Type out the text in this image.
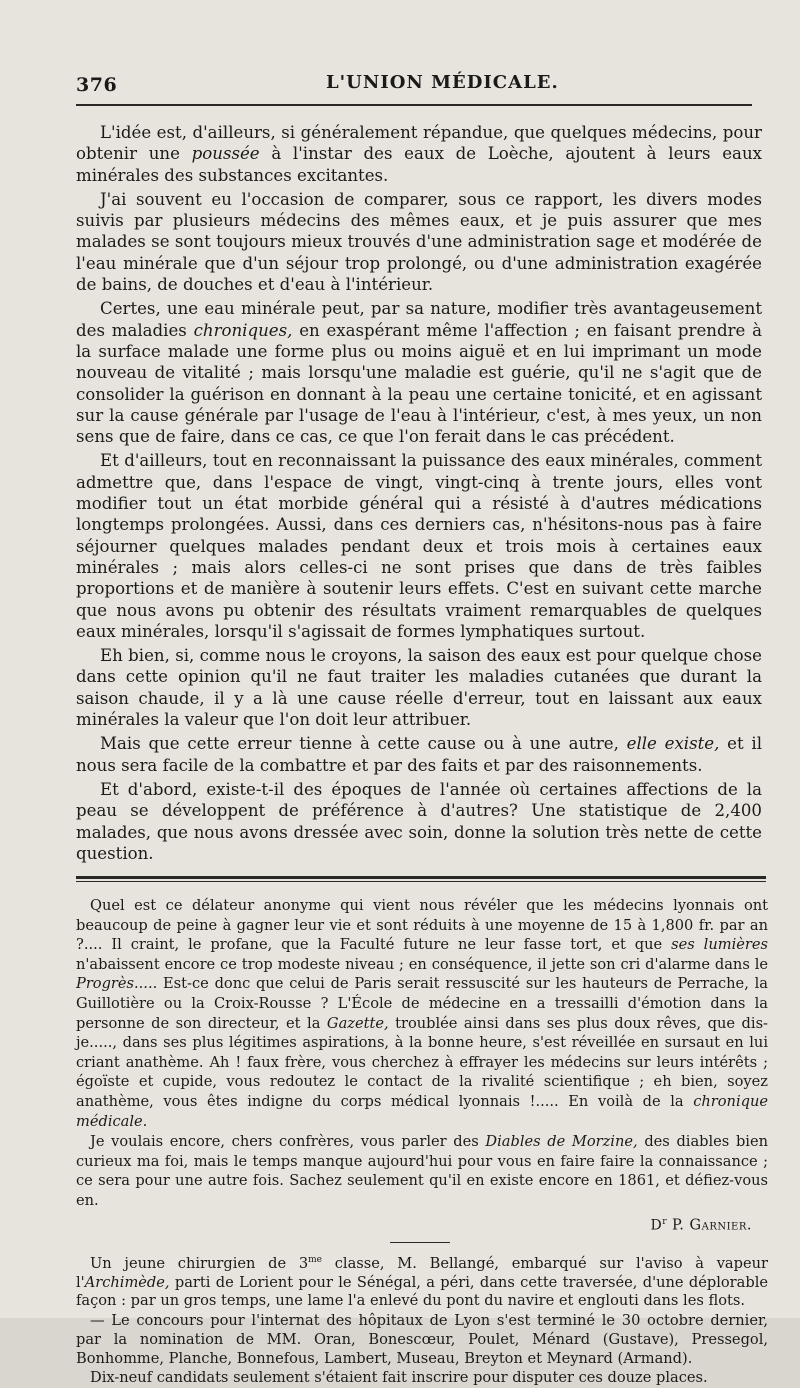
376	L'UNION MÉDICALE.

L'idée est, d'ailleurs, si généralement répandue, que quelques médecins, pour obtenir une poussée à l'instar des eaux de Loèche, ajoutent à leurs eaux minérales des substances excitantes.

J'ai souvent eu l'occasion de comparer, sous ce rapport, les divers modes suivis par plusieurs médecins des mêmes eaux, et je puis assurer que mes malades se sont toujours mieux trouvés d'une administration sage et modérée de l'eau minérale que d'un séjour trop prolongé, ou d'une administration exagérée de bains, de douches et d'eau à l'intérieur.

Certes, une eau minérale peut, par sa nature, modifier très avantageusement des maladies chroniques, en exaspérant même l'affection ; en faisant prendre à la surface malade une forme plus ou moins aiguë et en lui imprimant un mode nouveau de vitalité ; mais lorsqu'une maladie est guérie, qu'il ne s'agit que de consolider la guérison en donnant à la peau une certaine tonicité, et en agissant sur la cause générale par l'usage de l'eau à l'intérieur, c'est, à mes yeux, un non sens que de faire, dans ce cas, ce que l'on ferait dans le cas précédent.

Et d'ailleurs, tout en reconnaissant la puissance des eaux minérales, comment admettre que, dans l'espace de vingt, vingt-cinq à trente jours, elles vont modifier tout un état morbide général qui a résisté à d'autres médications longtemps prolongées. Aussi, dans ces derniers cas, n'hésitons-nous pas à faire séjourner quelques malades pendant deux et trois mois à certaines eaux minérales ; mais alors celles-ci ne sont prises que dans de très faibles proportions et de manière à soutenir leurs effets. C'est en suivant cette marche que nous avons pu obtenir des résultats vraiment remarquables de quelques eaux minérales, lorsqu'il s'agissait de formes lymphatiques surtout.

Eh bien, si, comme nous le croyons, la saison des eaux est pour quelque chose dans cette opinion qu'il ne faut traiter les maladies cutanées que durant la saison chaude, il y a là une cause réelle d'erreur, tout en laissant aux eaux minérales la valeur que l'on doit leur attribuer.

Mais que cette erreur tienne à cette cause ou à une autre, elle existe, et il nous sera facile de la combattre et par des faits et par des raisonnements.

Et d'abord, existe-t-il des époques de l'année où certaines affections de la peau se développent de préférence à d'autres? Une statistique de 2,400 malades, que nous avons dressée avec soin, donne la solution très nette de cette question.

Quel est ce délateur anonyme qui vient nous révéler que les médecins lyonnais ont beaucoup de peine à gagner leur vie et sont réduits à une moyenne de 15 à 1,800 fr. par an ?.... Il craint, le profane, que la Faculté future ne leur fasse tort, et que ses lumières n'abaissent encore ce trop modeste niveau ; en conséquence, il jette son cri d'alarme dans le Progrès..... Est-ce donc que celui de Paris serait ressuscité sur les hauteurs de Perrache, la Guillotière ou la Croix-Rousse ? L'École de médecine en a tressailli d'émotion dans la personne de son directeur, et la Gazette, troublée ainsi dans ses plus doux rêves, que dis-je....., dans ses plus légitimes aspirations, à la bonne heure, s'est réveillée en sursaut en lui criant anathème. Ah ! faux frère, vous cherchez à effrayer les médecins sur leurs intérêts ; égoïste et cupide, vous redoutez le contact de la rivalité scientifique ; eh bien, soyez anathème, vous êtes indigne du corps médical lyonnais !..... En voilà de la chronique médicale.

Je voulais encore, chers confrères, vous parler des Diables de Morzine, des diables bien curieux ma foi, mais le temps manque aujourd'hui pour vous en faire faire la connaissance ; ce sera pour une autre fois. Sachez seulement qu'il en existe encore en 1861, et défiez-vous en.

$D^r$ P. Garnier.

Un jeune chirurgien de $3^{me}$ classe, M. Bellangé, embarqué sur l'aviso à vapeur l'Archimède, parti de Lorient pour le Sénégal, a péri, dans cette traversée, d'une déplorable façon : par un gros temps, une lame l'a enlevé du pont du navire et englouti dans les flots.

— Le concours pour l'internat des hôpitaux de Lyon s'est terminé le 30 octobre dernier, par la nomination de MM. Oran, Bonescœur, Poulet, Ménard (Gustave), Pressegol, Bonhomme, Planche, Bonnefous, Lambert, Museau, Breyton et Meynard (Armand).

Dix-neuf candidats seulement s'étaient fait inscrire pour disputer ces douze places.
